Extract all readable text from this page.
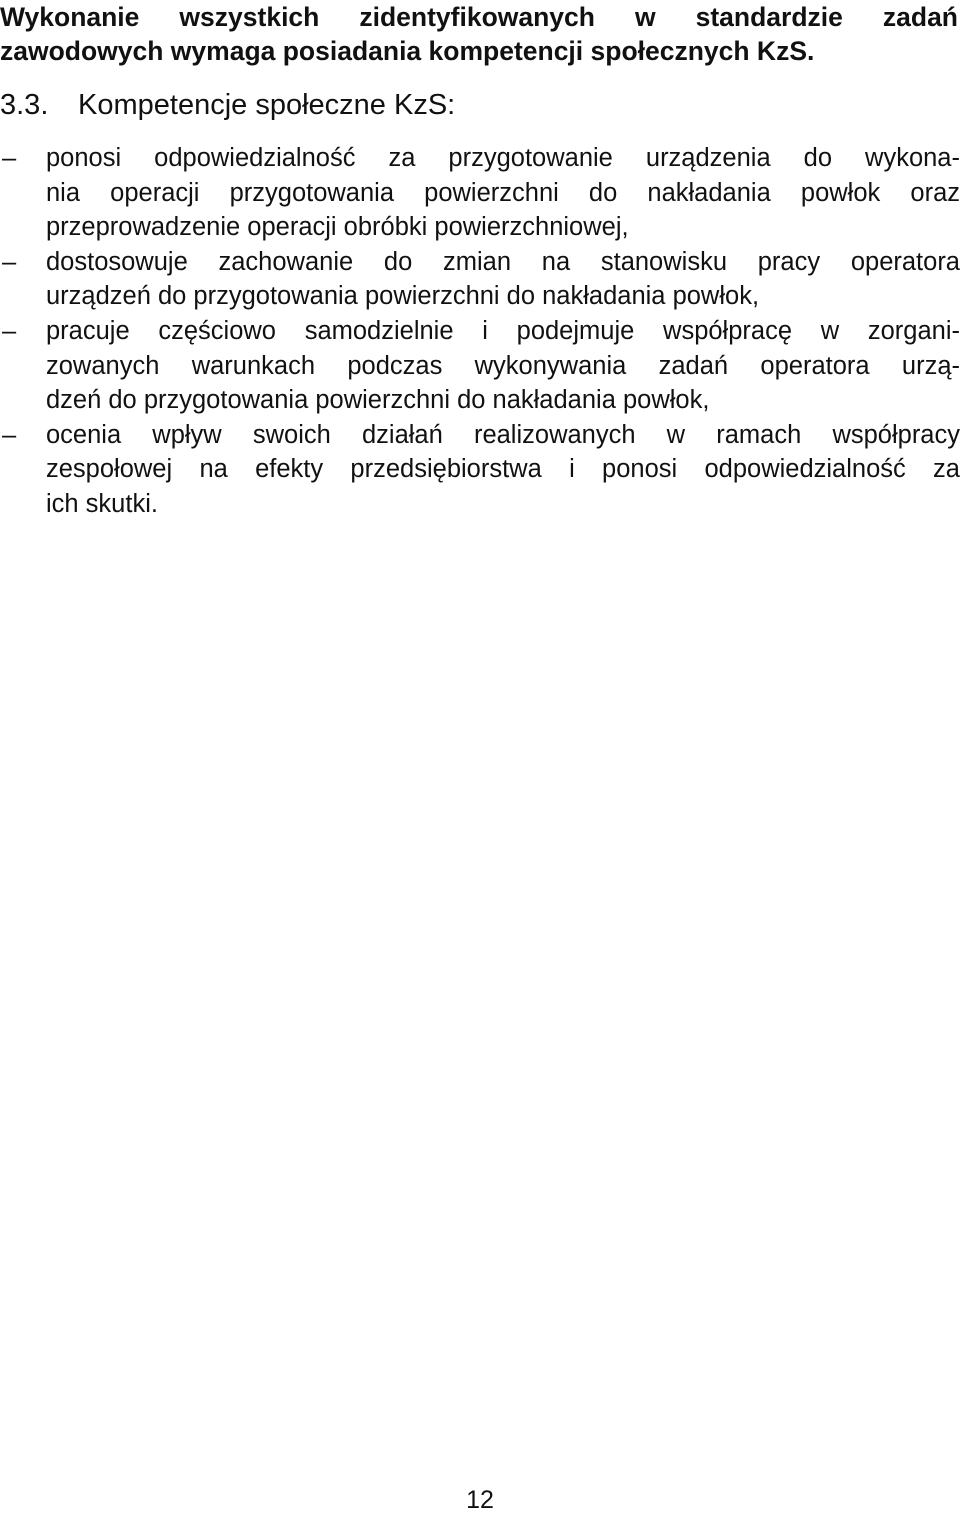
Wykonanie wszystkich zidentyfikowanych w standardzie zadań
zawodowych wymaga posiadania kompetencji społecznych KzS.

3.3. Kompetencje społeczne KzS:
– ponosi odpowiedzialność za przygotowanie urządzenia do wykona-
nia operacji przygotowania powierzchni do nakładania powłok oraz
przeprowadzenie operacji obróbki powierzchniowej,
– dostosowuje zachowanie do zmian na stanowisku pracy operatora
urządzeń do przygotowania powierzchni do nakładania powłok,
– pracuje częściowo samodzielnie i podejmuje współpracę w zorgani-
zowanych warunkach podczas wykonywania zadań operatora urzą-
dzeń do przygotowania powierzchni do nakładania powłok,
– ocenia wpływ swoich działań realizowanych w ramach współpracy
zespołowej na efekty przedsiębiorstwa i ponosi odpowiedzialność za
ich skutki.
12
